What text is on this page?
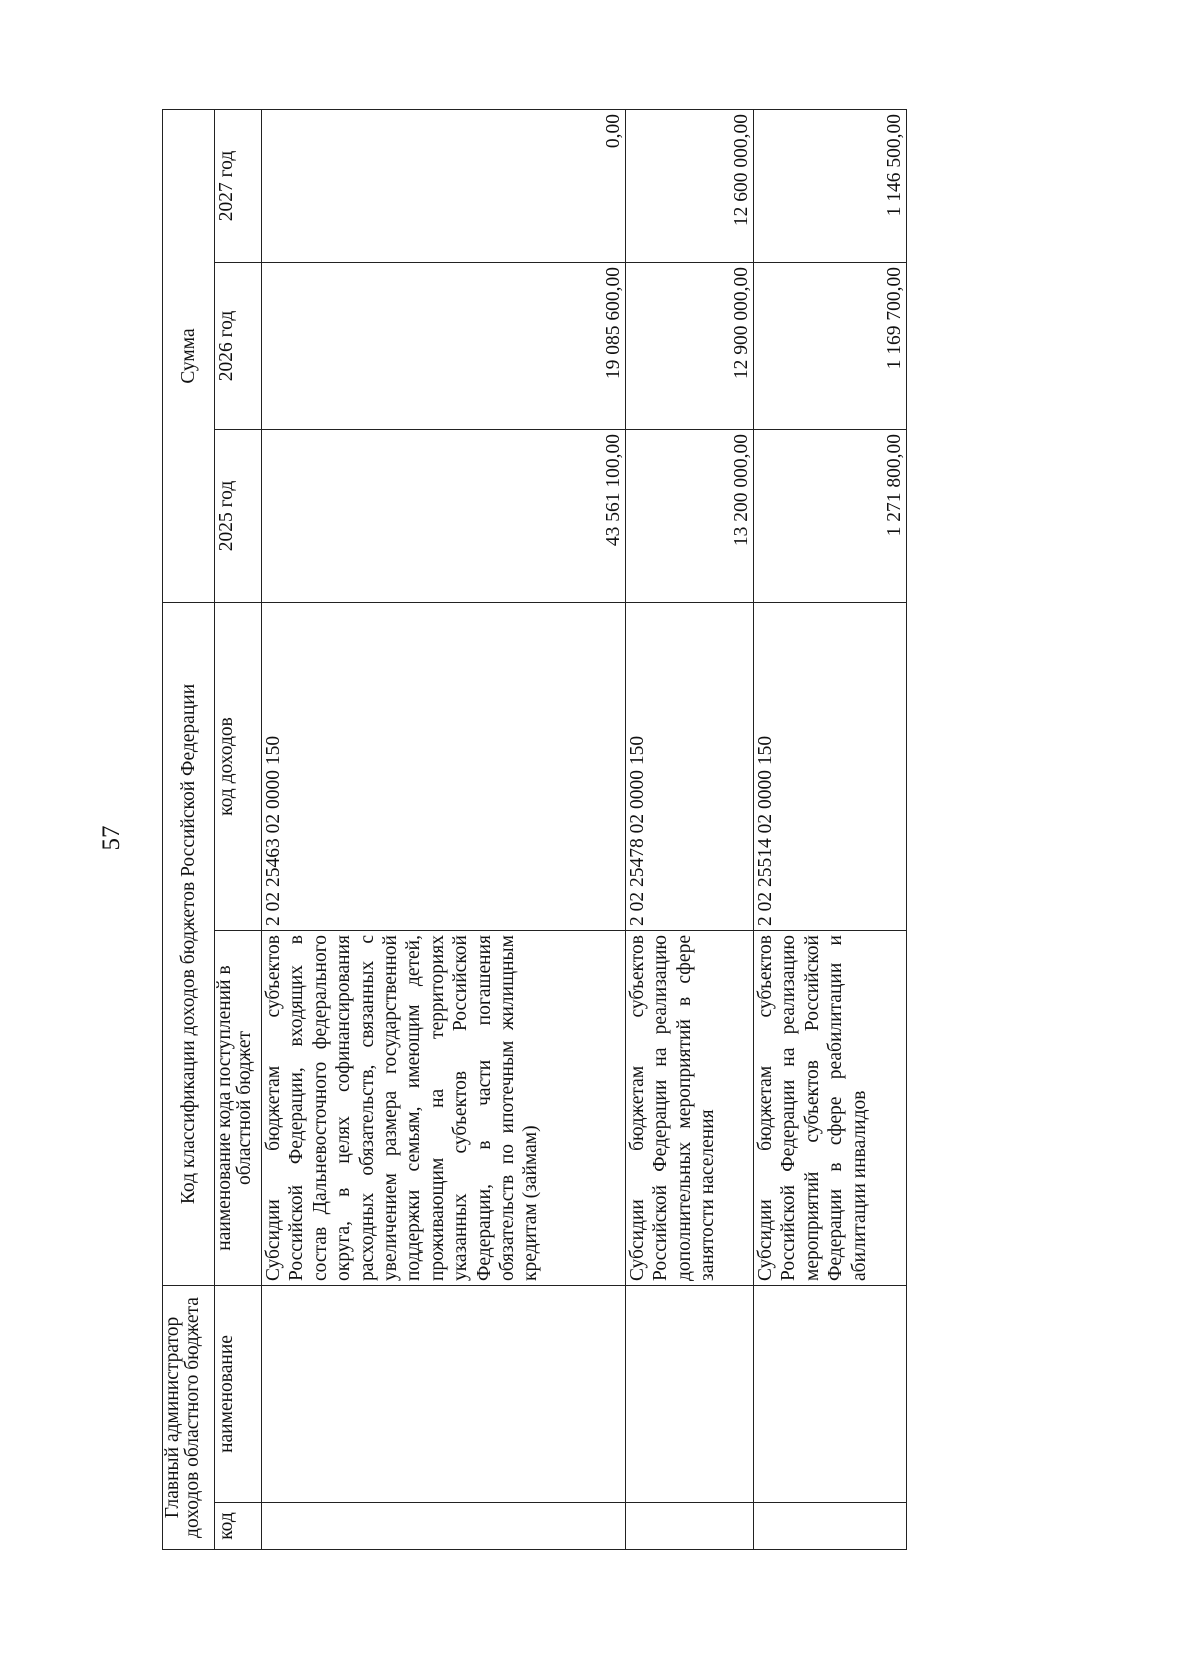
57
Главный администратор доходов областного бюджета		Код классификации доходов бюджетов Российской Федерации		Сумма		
код	наименование	наименование кода поступлений в областной бюджет	код доходов	2025 год	2026 год	2027 год
		Субсидии бюджетам субъектов Российской Федерации, входящих в состав Дальневосточного федерального округа, в целях софинансирования расходных обязательств, связанных с увеличением размера государственной поддержки семьям, имеющим детей, проживающим на территориях указанных субъектов Российской Федерации, в части погашения обязательств по ипотечным жилищным кредитам (займам)	2 02 25463 02 0000 150	43 561 100,00	19 085 600,00	0,00
		Субсидии бюджетам субъектов Российской Федерации на реализацию дополнительных мероприятий в сфере занятости населения	2 02 25478 02 0000 150	13 200 000,00	12 900 000,00	12 600 000,00
		Субсидии бюджетам субъектов Российской Федерации на реализацию мероприятий субъектов Российской Федерации в сфере реабилитации и абилитации инвалидов	2 02 25514 02 0000 150	1 271 800,00	1 169 700,00	1 146 500,00
